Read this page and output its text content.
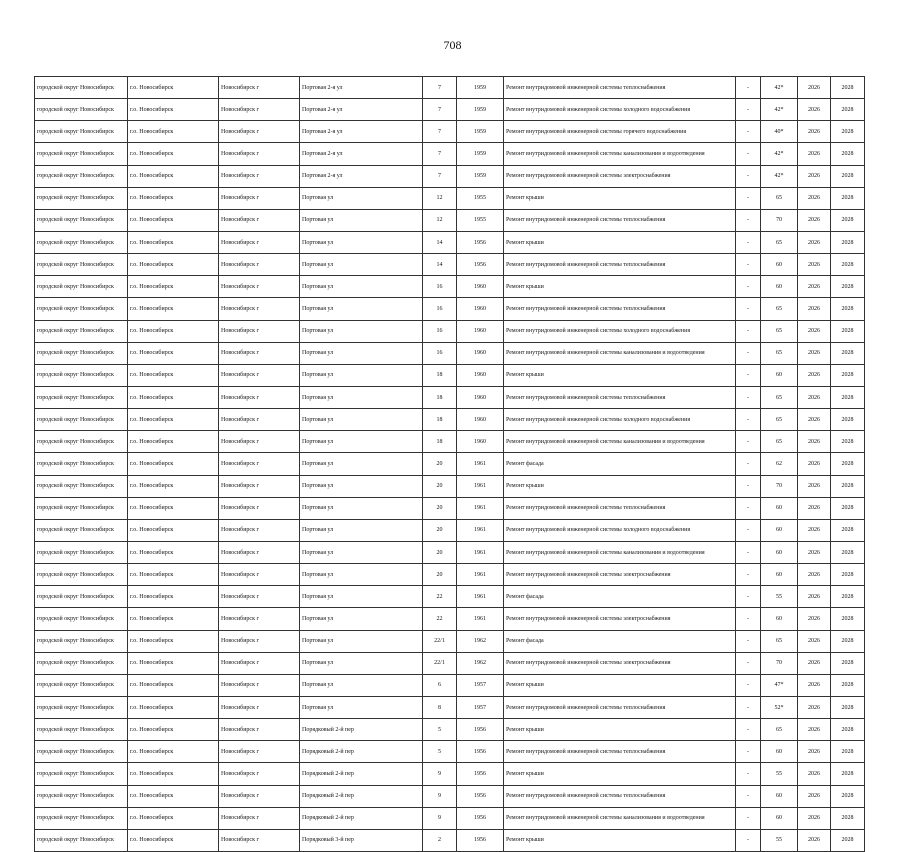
708
городской округ Новосибирск	г.о. Новосибирск	Новосибирск г	Портовая 2-я ул	7	1959	Ремонт внутридомовой инженерной системы теплоснабжения	-	42*	2026	2028
городской округ Новосибирск	г.о. Новосибирск	Новосибирск г	Портовая 2-я ул	7	1959	Ремонт внутридомовой инженерной системы холодного водоснабжения	-	42*	2026	2028
городской округ Новосибирск	г.о. Новосибирск	Новосибирск г	Портовая 2-я ул	7	1959	Ремонт внутридомовой инженерной системы горячего водоснабжения	-	40*	2026	2028
городской округ Новосибирск	г.о. Новосибирск	Новосибирск г	Портовая 2-я ул	7	1959	Ремонт внутридомовой инженерной системы канализования и водоотведения	-	42*	2026	2028
городской округ Новосибирск	г.о. Новосибирск	Новосибирск г	Портовая 2-я ул	7	1959	Ремонт внутридомовой инженерной системы электроснабжения	-	42*	2026	2028
городской округ Новосибирск	г.о. Новосибирск	Новосибирск г	Портовая ул	12	1955	Ремонт крыши	-	65	2026	2028
городской округ Новосибирск	г.о. Новосибирск	Новосибирск г	Портовая ул	12	1955	Ремонт внутридомовой инженерной системы теплоснабжения	-	70	2026	2028
городской округ Новосибирск	г.о. Новосибирск	Новосибирск г	Портовая ул	14	1956	Ремонт крыши	-	65	2026	2028
городской округ Новосибирск	г.о. Новосибирск	Новосибирск г	Портовая ул	14	1956	Ремонт внутридомовой инженерной системы теплоснабжения	-	60	2026	2028
городской округ Новосибирск	г.о. Новосибирск	Новосибирск г	Портовая ул	16	1960	Ремонт крыши	-	60	2026	2028
городской округ Новосибирск	г.о. Новосибирск	Новосибирск г	Портовая ул	16	1960	Ремонт внутридомовой инженерной системы теплоснабжения	-	65	2026	2028
городской округ Новосибирск	г.о. Новосибирск	Новосибирск г	Портовая ул	16	1960	Ремонт внутридомовой инженерной системы холодного водоснабжения	-	65	2026	2028
городской округ Новосибирск	г.о. Новосибирск	Новосибирск г	Портовая ул	16	1960	Ремонт внутридомовой инженерной системы канализования и водоотведения	-	65	2026	2028
городской округ Новосибирск	г.о. Новосибирск	Новосибирск г	Портовая ул	18	1960	Ремонт крыши	-	60	2026	2028
городской округ Новосибирск	г.о. Новосибирск	Новосибирск г	Портовая ул	18	1960	Ремонт внутридомовой инженерной системы теплоснабжения	-	65	2026	2028
городской округ Новосибирск	г.о. Новосибирск	Новосибирск г	Портовая ул	18	1960	Ремонт внутридомовой инженерной системы холодного водоснабжения	-	65	2026	2028
городской округ Новосибирск	г.о. Новосибирск	Новосибирск г	Портовая ул	18	1960	Ремонт внутридомовой инженерной системы канализования и водоотведения	-	65	2026	2028
городской округ Новосибирск	г.о. Новосибирск	Новосибирск г	Портовая ул	20	1961	Ремонт фасада	-	62	2026	2028
городской округ Новосибирск	г.о. Новосибирск	Новосибирск г	Портовая ул	20	1961	Ремонт крыши	-	70	2026	2028
городской округ Новосибирск	г.о. Новосибирск	Новосибирск г	Портовая ул	20	1961	Ремонт внутридомовой инженерной системы теплоснабжения	-	60	2026	2028
городской округ Новосибирск	г.о. Новосибирск	Новосибирск г	Портовая ул	20	1961	Ремонт внутридомовой инженерной системы холодного водоснабжения	-	60	2026	2028
городской округ Новосибирск	г.о. Новосибирск	Новосибирск г	Портовая ул	20	1961	Ремонт внутридомовой инженерной системы канализования и водоотведения	-	60	2026	2028
городской округ Новосибирск	г.о. Новосибирск	Новосибирск г	Портовая ул	20	1961	Ремонт внутридомовой инженерной системы электроснабжения	-	60	2026	2028
городской округ Новосибирск	г.о. Новосибирск	Новосибирск г	Портовая ул	22	1961	Ремонт фасада	-	55	2026	2028
городской округ Новосибирск	г.о. Новосибирск	Новосибирск г	Портовая ул	22	1961	Ремонт внутридомовой инженерной системы электроснабжения	-	60	2026	2028
городской округ Новосибирск	г.о. Новосибирск	Новосибирск г	Портовая ул	22/1	1962	Ремонт фасада	-	65	2026	2028
городской округ Новосибирск	г.о. Новосибирск	Новосибирск г	Портовая ул	22/1	1962	Ремонт внутридомовой инженерной системы электроснабжения	-	70	2026	2028
городской округ Новосибирск	г.о. Новосибирск	Новосибирск г	Портовая ул	6	1957	Ремонт крыши	-	47*	2026	2028
городской округ Новосибирск	г.о. Новосибирск	Новосибирск г	Портовая ул	8	1957	Ремонт внутридомовой инженерной системы теплоснабжения	-	52*	2026	2028
городской округ Новосибирск	г.о. Новосибирск	Новосибирск г	Порядковый 2-й пер	5	1956	Ремонт крыши	-	65	2026	2028
городской округ Новосибирск	г.о. Новосибирск	Новосибирск г	Порядковый 2-й пер	5	1956	Ремонт внутридомовой инженерной системы теплоснабжения	-	60	2026	2028
городской округ Новосибирск	г.о. Новосибирск	Новосибирск г	Порядковый 2-й пер	9	1956	Ремонт крыши	-	55	2026	2028
городской округ Новосибирск	г.о. Новосибирск	Новосибирск г	Порядковый 2-й пер	9	1956	Ремонт внутридомовой инженерной системы теплоснабжения	-	60	2026	2028
городской округ Новосибирск	г.о. Новосибирск	Новосибирск г	Порядковый 2-й пер	9	1956	Ремонт внутридомовой инженерной системы канализования и водоотведения	-	60	2026	2028
городской округ Новосибирск	г.о. Новосибирск	Новосибирск г	Порядковый 3-й пер	2	1956	Ремонт крыши	-	55	2026	2028
